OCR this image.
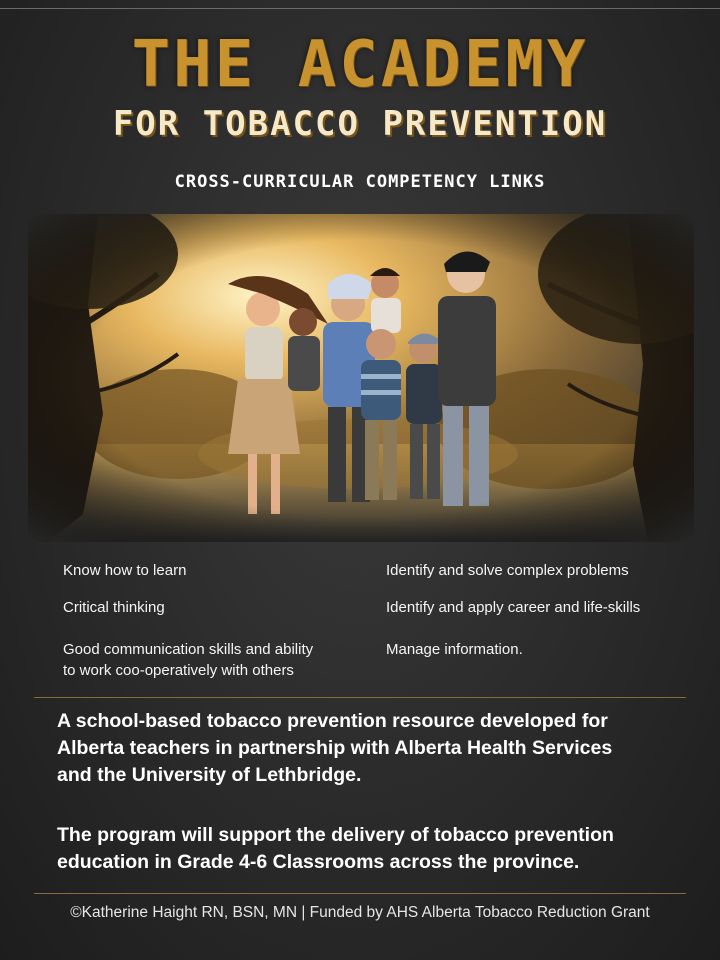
THE ACADEMY
FOR TOBACCO PREVENTION
CROSS-CURRICULAR COMPETENCY LINKS
Know how to learn
Critical thinking
Good communication skills and ability
to work coo-operatively with others
Identify and solve complex problems
Identify and apply career and life-skills
Manage information.
A school-based tobacco prevention resource developed for
Alberta teachers in partnership with Alberta Health Services
and the University of Lethbridge.
The program will support the delivery of tobacco prevention
education in Grade 4-6 Classrooms across the province.
©Katherine Haight RN, BSN, MN | Funded by AHS Alberta Tobacco Reduction Grant
